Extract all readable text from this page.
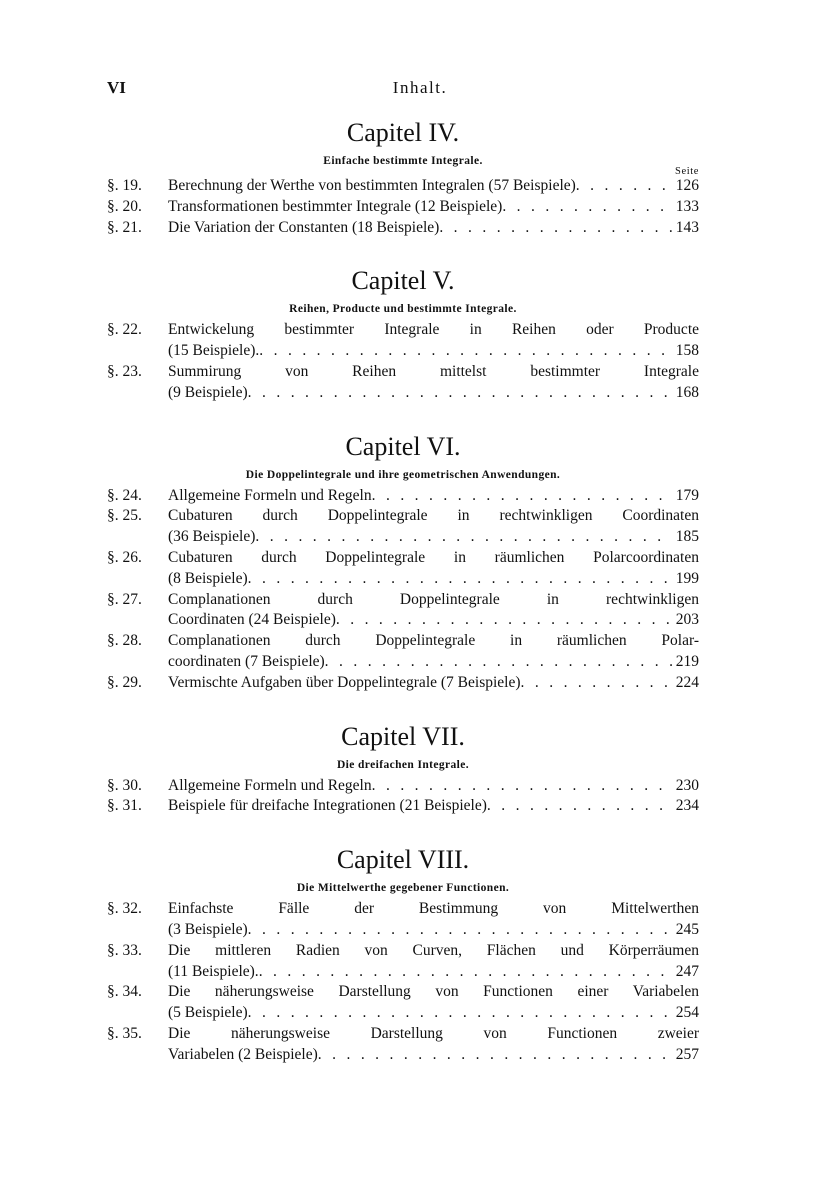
Inhalt.
VI
Capitel IV.
Einfache bestimmte Integrale.
Seite
§. 19.	Berechnung der Werthe von bestimmten Integralen (57 Beispiele) . . .	126
§. 20.	Transformationen bestimmter Integrale (12 Beispiele) . . .	133
§. 21.	Die Variation der Constanten (18 Beispiele) . . .	143
Capitel V.
Reihen, Producte und bestimmte Integrale.
§. 22.	Entwickelung bestimmter Integrale in Reihen oder Producte
(15 Beispiele). . . .	158
§. 23.	Summirung von Reihen mittelst bestimmter Integrale
(9 Beispiele) . . .	168
Capitel VI.
Die Doppelintegrale und ihre geometrischen Anwendungen.
§. 24.	Allgemeine Formeln und Regeln . . .	179
§. 25.	Cubaturen durch Doppelintegrale in rechtwinkligen Coordinaten
(36 Beispiele) . . .	185
§. 26.	Cubaturen durch Doppelintegrale in räumlichen Polarcoordinaten
(8 Beispiele) . . .	199
§. 27.	Complanationen durch Doppelintegrale in rechtwinkligen
Coordinaten (24 Beispiele) . . .	203
§. 28.	Complanationen durch Doppelintegrale in räumlichen Polar-
coordinaten (7 Beispiele) . . .	219
§. 29.	Vermischte Aufgaben über Doppelintegrale (7 Beispiele) . . .	224
Capitel VII.
Die dreifachen Integrale.
§. 30.	Allgemeine Formeln und Regeln . . .	230
§. 31.	Beispiele für dreifache Integrationen (21 Beispiele) . . .	234
Capitel VIII.
Die Mittelwerthe gegebener Functionen.
§. 32.	Einfachste Fälle der Bestimmung von Mittelwerthen
(3 Beispiele) . . .	245
§. 33.	Die mittleren Radien von Curven, Flächen und Körperräumen
(11 Beispiele). . . .	247
§. 34.	Die näherungsweise Darstellung von Functionen einer Variabelen
(5 Beispiele) . . .	254
§. 35.	Die näherungsweise Darstellung von Functionen zweier
Variabelen (2 Beispiele) . . .	257
